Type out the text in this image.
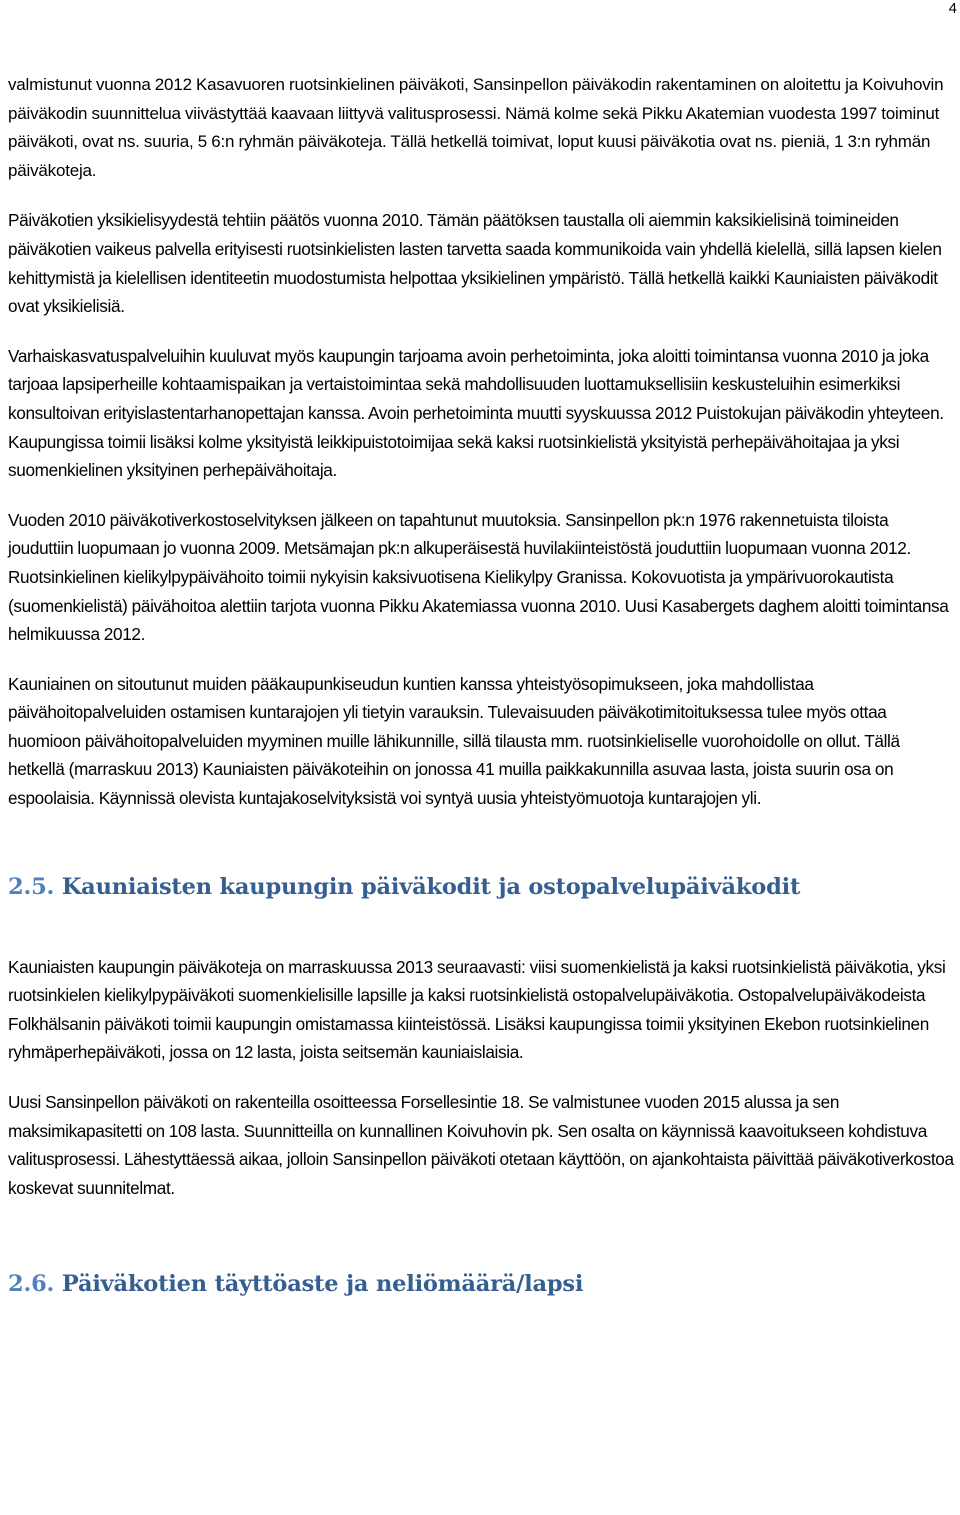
4

valmistunut vuonna 2012 Kasavuoren ruotsinkielinen päiväkoti, Sansinpellon päiväkodin rakentaminen on aloitettu ja Koivuhovin päiväkodin suunnittelua viivästyttää kaavaan liittyvä valitusprosessi. Nämä kolme sekä Pikku Akatemian vuodesta 1997 toiminut päiväkoti, ovat ns. suuria, 5 6:n ryhmän päiväkoteja. Tällä hetkellä toimivat, loput kuusi päiväkotia ovat ns. pieniä, 1 3:n ryhmän päiväkoteja.

Päiväkotien yksikielisyydestä tehtiin päätös vuonna 2010. Tämän päätöksen taustalla oli aiemmin kaksikielisinä toimineiden päiväkotien vaikeus palvella erityisesti ruotsinkielisten lasten tarvetta saada kommunikoida vain yhdellä kielellä, sillä lapsen kielen kehittymistä ja kielellisen identiteetin muodostumista helpottaa yksikielinen ympäristö. Tällä hetkellä kaikki Kauniaisten päiväkodit ovat yksikielisiä.

Varhaiskasvatuspalveluihin kuuluvat myös kaupungin tarjoama avoin perhetoiminta, joka aloitti toimintansa vuonna 2010 ja joka tarjoaa lapsiperheille kohtaamispaikan ja vertaistoimintaa sekä mahdollisuuden luottamuksellisiin keskusteluihin esimerkiksi konsultoivan erityislastentarhanopettajan kanssa. Avoin perhetoiminta muutti syyskuussa 2012 Puistokujan päiväkodin yhteyteen. Kaupungissa toimii lisäksi kolme yksityistä leikkipuistotoimijaa sekä kaksi ruotsinkielistä yksityistä perhepäivähoitajaa ja yksi suomenkielinen yksityinen perhepäivähoitaja.

Vuoden 2010 päiväkotiverkostoselvityksen jälkeen on tapahtunut muutoksia. Sansinpellon pk:n 1976 rakennetuista tiloista jouduttiin luopumaan jo vuonna 2009. Metsämajan pk:n alkuperäisestä huvilakiinteistöstä jouduttiin luopumaan vuonna 2012. Ruotsinkielinen kielikylpypäivähoito toimii nykyisin kaksivuotisena Kielikylpy Granissa. Kokovuotista ja ympärivuorokautista (suomenkielistä) päivähoitoa alettiin tarjota vuonna Pikku Akatemiassa vuonna 2010. Uusi Kasabergets daghem aloitti toimintansa helmikuussa 2012.

Kauniainen on sitoutunut muiden pääkaupunkiseudun kuntien kanssa yhteistyösopimukseen, joka mahdollistaa päivähoitopalveluiden ostamisen kuntarajojen yli tietyin varauksin. Tulevaisuuden päiväkotimitoituksessa tulee myös ottaa huomioon päivähoitopalveluiden myyminen muille lähikunnille, sillä tilausta mm. ruotsinkieliselle vuorohoidolle on ollut. Tällä hetkellä (marraskuu 2013) Kauniaisten päiväkoteihin on jonossa 41 muilla paikkakunnilla asuvaa lasta, joista suurin osa on espoolaisia. Käynnissä olevista kuntajakoselvityksistä voi syntyä uusia yhteistyömuotoja kuntarajojen yli.

2.5. Kauniaisten kaupungin päiväkodit ja ostopalvelupäiväkodit

Kauniaisten kaupungin päiväkoteja on marraskuussa 2013 seuraavasti: viisi suomenkielistä ja kaksi ruotsinkielistä päiväkotia, yksi ruotsinkielen kielikylpypäiväkoti suomenkielisille lapsille ja kaksi ruotsinkielistä ostopalvelupäiväkotia. Ostopalvelupäiväkodeista Folkhälsanin päiväkoti toimii kaupungin omistamassa kiinteistössä. Lisäksi kaupungissa toimii yksityinen Ekebon ruotsinkielinen ryhmäperhepäiväkoti, jossa on 12 lasta, joista seitsemän kauniaislaisia.

Uusi Sansinpellon päiväkoti on rakenteilla osoitteessa Forsellesintie 18. Se valmistunee vuoden 2015 alussa ja sen maksimikapasitetti on 108 lasta. Suunnitteilla on kunnallinen Koivuhovin pk. Sen osalta on käynnissä kaavoitukseen kohdistuva valitusprosessi. Lähestyttäessä aikaa, jolloin Sansinpellon päiväkoti otetaan käyttöön, on ajankohtaista päivittää päiväkotiverkostoa koskevat suunnitelmat.

2.6. Päiväkotien täyttöaste ja neliömäärä/lapsi
